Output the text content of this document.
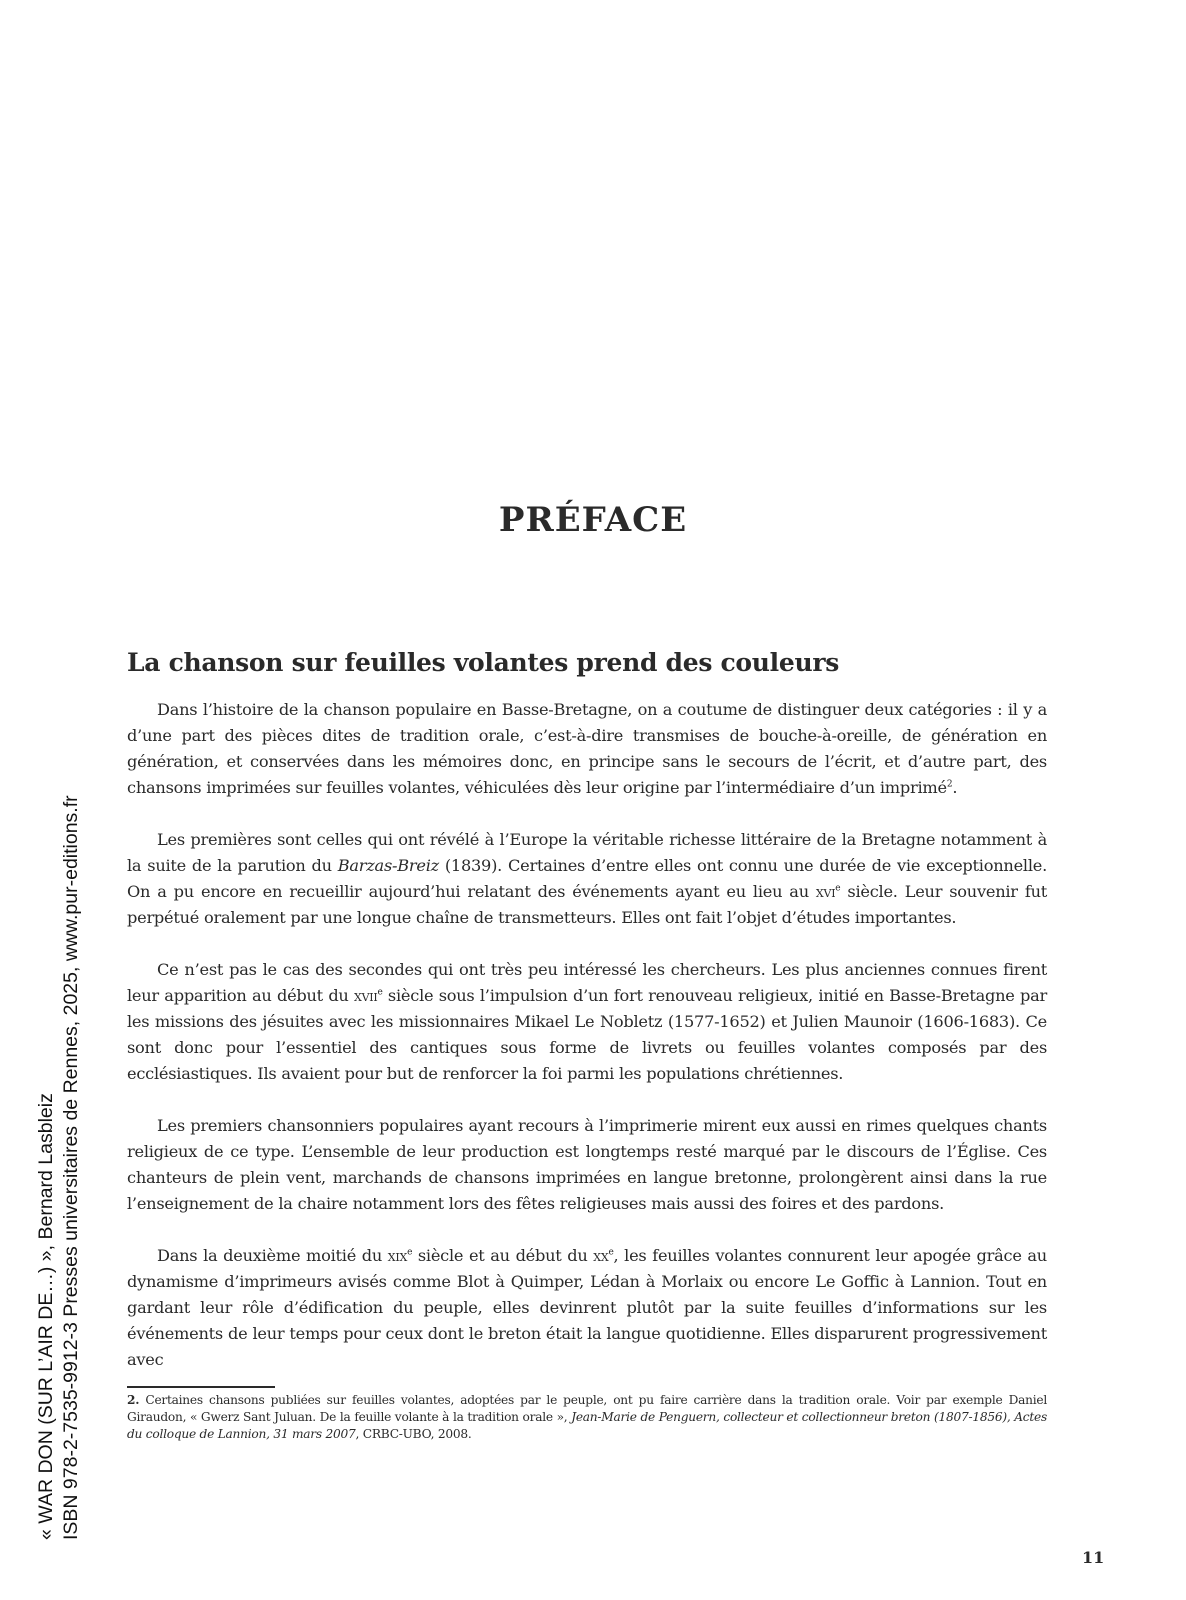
« WAR DON (SUR L’AIR DE…) », Bernard Lasbleiz ISBN 978-2-7535-9912-3 Presses universitaires de Rennes, 2025, www.pur-editions.fr
PRÉFACE
La chanson sur feuilles volantes prend des couleurs

Dans l’histoire de la chanson populaire en Basse-Bretagne, on a coutume de distinguer deux catégories : il y a d’une part des pièces dites de tradition orale, c’est-à-dire transmises de bouche-à-oreille, de génération en génération, et conservées dans les mémoires donc, en principe sans le secours de l’écrit, et d’autre part, des chansons imprimées sur feuilles volantes, véhiculées dès leur origine par l’intermédiaire d’un imprimé$^2$.

Les premières sont celles qui ont révélé à l’Europe la véritable richesse littéraire de la Bretagne notamment à la suite de la parution du Barzas-Breiz (1839). Certaines d’entre elles ont connu une durée de vie exceptionnelle. On a pu encore en recueillir aujourd’hui relatant des événements ayant eu lieu au xvi$^e$ siècle. Leur souvenir fut perpétué oralement par une longue chaîne de transmetteurs. Elles ont fait l’objet d’études importantes.

Ce n’est pas le cas des secondes qui ont très peu intéressé les chercheurs. Les plus anciennes connues firent leur apparition au début du xvii$^e$ siècle sous l’impulsion d’un fort renouveau religieux, initié en Basse-Bretagne par les missions des jésuites avec les missionnaires Mikael Le Nobletz (1577-1652) et Julien Maunoir (1606-1683). Ce sont donc pour l’essentiel des cantiques sous forme de livrets ou feuilles volantes composés par des ecclésiastiques. Ils avaient pour but de renforcer la foi parmi les populations chrétiennes.

Les premiers chansonniers populaires ayant recours à l’imprimerie mirent eux aussi en rimes quelques chants religieux de ce type. L’ensemble de leur production est longtemps resté marqué par le discours de l’Église. Ces chanteurs de plein vent, marchands de chansons imprimées en langue bretonne, prolongèrent ainsi dans la rue l’enseignement de la chaire notamment lors des fêtes religieuses mais aussi des foires et des pardons.

Dans la deuxième moitié du xix$^e$ siècle et au début du $xx^e$, les feuilles volantes connurent leur apogée grâce au dynamisme d’imprimeurs avisés comme Blot à Quimper, Lédan à Morlaix ou encore Le Goffic à Lannion. Tout en gardant leur rôle d’édification du peuple, elles devinrent plutôt par la suite feuilles d’informations sur les événements de leur temps pour ceux dont le breton était la langue quotidienne. Elles disparurent progressivement avec

2. Certaines chansons publiées sur feuilles volantes, adoptées par le peuple, ont pu faire carrière dans la tradition orale. Voir par exemple Daniel Giraudon, « Gwerz Sant Juluan. De la feuille volante à la tradition orale », Jean-Marie de Penguern, collecteur et collectionneur breton (1807-1856), Actes du colloque de Lannion, 31 mars 2007, CRBC-UBO, 2008.
11
